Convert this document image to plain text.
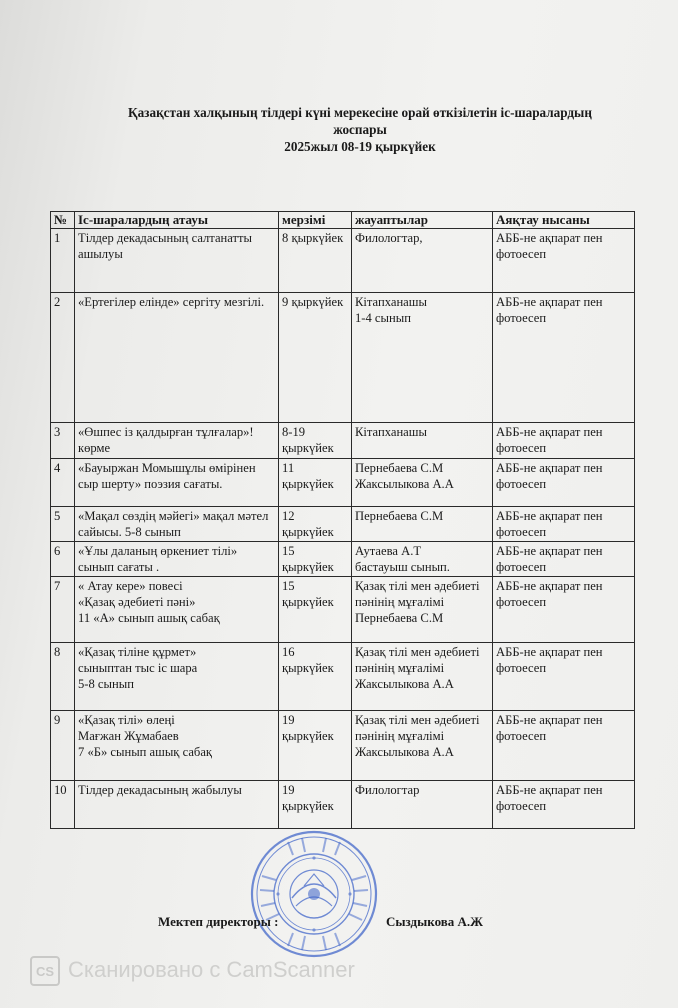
Қазақстан халқының тілдері күні мерекесіне орай өткізілетін іс-шаралардың
жоспары
2025жыл 08-19 қыркүйек
№	Іс-шаралардың атауы	мерзімі	жауаптылар	Аяқтау нысаны
1	Тілдер декадасының салтанатты ашылуы	8 қыркүйек	Филологтар,	АББ-не ақпарат пен фотоесеп
2	«Ертегілер елінде» сергіту мезгілі.	9 қыркүйек	Кітапханашы
1-4 сынып	АББ-не ақпарат пен фотоесеп
3	«Өшпес із қалдырған тұлғалар»! көрме	8-19 қыркүйек	Кітапханашы	АББ-не ақпарат пен фотоесеп
4	«Бауыржан Момышұлы өмірінен сыр шерту» поэзия сағаты.	11 қыркүйек	Пернебаева С.М
Жаксылыкова А.А	АББ-не ақпарат пен фотоесеп
5	«Мақал сөздің мәйегі» мақал мәтел сайысы. 5-8 сынып	12 қыркүйек	Пернебаева С.М	АББ-не ақпарат пен фотоесеп
6	«Ұлы даланың өркениет тілі» сынып сағаты .	15 қыркүйек	Аутаева А.Т
бастауыш сынып.	АББ-не ақпарат пен фотоесеп
7	« Атау кере» повесі
«Қазақ әдебиеті пәні»
11 «А» сынып ашық сабақ	15 қыркүйек	Қазақ тілі мен әдебиеті пәнінің мұғалімі Пернебаева С.М	АББ-не ақпарат пен фотоесеп
8	«Қазақ тіліне құрмет»
сыныптан тыс іс шара
5-8 сынып	16 қыркүйек	Қазақ тілі мен әдебиеті пәнінің мұғалімі Жаксылыкова А.А	АББ-не ақпарат пен фотоесеп
9	«Қазақ тілі» өлеңі
Мағжан Жұмабаев
7 «Б» сынып ашық сабақ	19 қыркүйек	Қазақ тілі мен әдебиеті пәнінің мұғалімі Жаксылыкова А.А	АББ-не ақпарат пен фотоесеп
10	Тілдер декадасының жабылуы	19 қыркүйек	Филологтар	АББ-не ақпарат пен фотоесеп
Мектеп директоры :	Сыздыкова А.Ж
CS Сканировано с CamScanner
